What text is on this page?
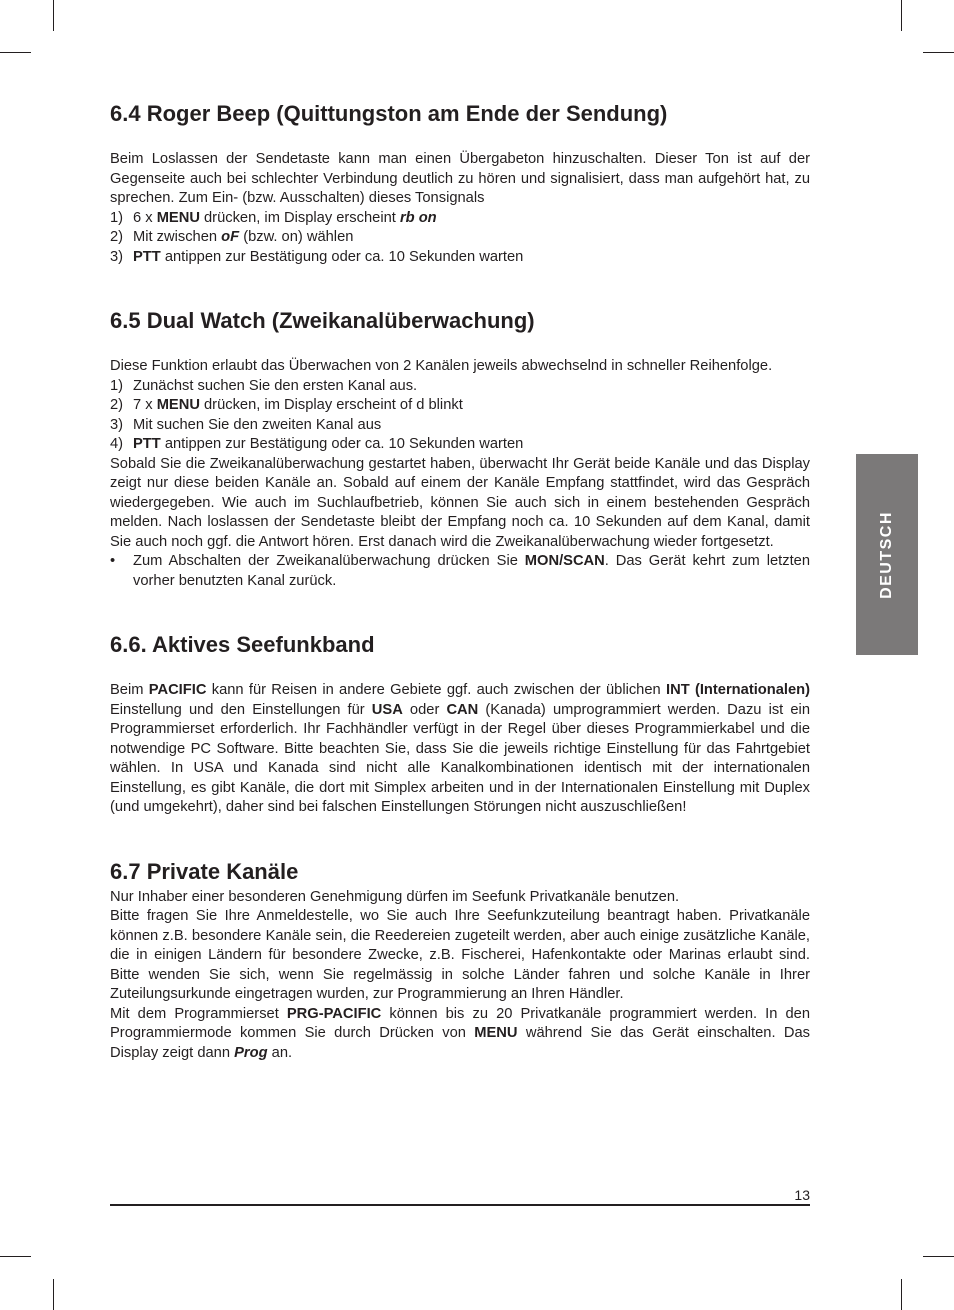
DEUTSCH
6.4 Roger Beep (Quittungston am Ende der Sendung)

Beim Loslassen der Sendetaste kann man einen Übergabeton hinzuschalten. Dieser Ton ist auf der Gegenseite auch bei schlechter Verbindung deutlich zu hören und signalisiert, dass man aufgehört hat, zu sprechen. Zum Ein- (bzw. Ausschalten) dieses Tonsignals

1) 6 x MENU drücken, im Display erscheint rb on
2) Mit zwischen oF (bzw. on) wählen
3) PTT antippen zur Bestätigung oder ca. 10 Sekunden warten
6.5 Dual Watch (Zweikanalüberwachung)

Diese Funktion erlaubt das Überwachen von 2 Kanälen jeweils abwechselnd in schneller Reihenfolge.

1) Zunächst suchen Sie den ersten Kanal aus.
2) 7 x MENU drücken, im Display erscheint of d blinkt
3) Mit suchen Sie den zweiten Kanal aus
4) PTT antippen zur Bestätigung oder ca. 10 Sekunden warten

Sobald Sie die Zweikanalüberwachung gestartet haben, überwacht Ihr Gerät beide Kanäle und das Display zeigt nur diese beiden Kanäle an. Sobald auf einem der Kanäle Empfang stattfindet, wird das Gespräch wiedergegeben. Wie auch im Suchlaufbetrieb, können Sie auch sich in einem bestehenden Gespräch melden. Nach loslassen der Sendetaste bleibt der Empfang noch ca. 10 Sekunden auf dem Kanal, damit Sie auch noch ggf. die Antwort hören. Erst danach wird die Zweikanalüberwachung wieder fortgesetzt.

•	Zum Abschalten der Zweikanalüberwachung drücken Sie MON/SCAN. Das Gerät kehrt zum letzten vorher benutzten Kanal zurück.
6.6. Aktives Seefunkband

Beim PACIFIC kann für Reisen in andere Gebiete ggf. auch zwischen der üblichen INT (Internationalen) Einstellung und den Einstellungen für USA oder CAN (Kanada) umprogrammiert werden. Dazu ist ein Programmierset erforderlich. Ihr Fachhändler verfügt in der Regel über dieses Programmierkabel und die notwendige PC Software. Bitte beachten Sie, dass Sie die jeweils richtige Einstellung für das Fahrtgebiet wählen. In USA und Kanada sind nicht alle Kanalkombinationen identisch mit der internationalen Einstellung, es gibt Kanäle, die dort mit Simplex arbeiten und in der Internationalen Einstellung mit Duplex (und umgekehrt), daher sind bei falschen Einstellungen Störungen nicht auszuschließen!

6.7 Private Kanäle

Nur Inhaber einer besonderen Genehmigung dürfen im Seefunk Privatkanäle benutzen.

Bitte fragen Sie Ihre Anmeldestelle, wo Sie auch Ihre Seefunkzuteilung beantragt haben. Privatkanäle können z.B. besondere Kanäle sein, die Reedereien zugeteilt werden, aber auch einige zusätzliche Kanäle, die in einigen Ländern für besondere Zwecke, z.B. Fischerei, Hafenkontakte oder Marinas erlaubt sind. Bitte wenden Sie sich, wenn Sie regelmässig in solche Länder fahren und solche Kanäle in Ihrer Zuteilungsurkunde eingetragen wurden, zur Programmierung an Ihren Händler.

Mit dem Programmierset PRG-PACIFIC können bis zu 20 Privatkanäle programmiert werden. In den Programmiermode kommen Sie durch Drücken von MENU während Sie das Gerät einschalten. Das Display zeigt dann Prog an.

13
